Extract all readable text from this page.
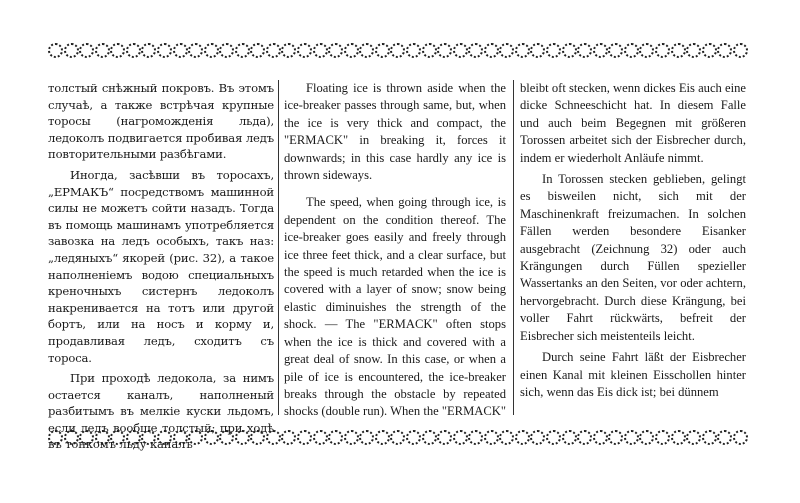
толстый снѣжный покровъ. Въ этомъ случаѣ, а также встрѣчая крупные торосы (нагроможденія льда), ледоколъ подвигается пробивая ледъ повторительными разбѣгами.

Иногда, засѣвши въ торосахъ, „ЕРМАКЪ“ посредствомъ машинной силы не можетъ сойти назадъ. Тогда въ помощь машинамъ употребляется завозка на ледъ особыхъ, такъ наз: „ледяныхъ“ якорей (рис. 32), а такое наполненіемъ водою специальныхъ креночныхъ систернъ ледоколъ накрениваетcя на тотъ или другой бортъ, или на носъ и корму и, продавливая ледъ, сходитъ съ тороса.

При проходѣ ледокола, за нимъ остается каналъ, наполненый разбитымъ въ мелкіе куски льдомъ, если ледъ вообще толстый; при ходѣ въ тонкомъ льду каналъ

Floating ice is thrown aside when the ice-breaker passes through same, but, when the ice is very thick and compact, the "ERMACK" in breaking it, forces it downwards; in this case hardly any ice is thrown sideways.

The speed, when going through ice, is dependent on the condition thereof. The ice-breaker goes easily and freely through ice three feet thick, and a clear surface, but the speed is much retarded when the ice is covered with a layer of snow; snow being elastic diminuishes the strength of the shock. — The "ERMACK" often stops when the ice is thick and covered with a great deal of snow. In this case, or when a pile of ice is encountered, the ice-breaker breaks through the obstacle by repeated shocks (double run). When the "ERMACK"

bleibt oft stecken, wenn dickes Eis auch eine dicke Schneeschicht hat. In diesem Falle und auch beim Begegnen mit größeren Torossen arbeitet sich der Eisbrecher durch, indem er wiederholt Anläufe nimmt.

In Torossen stecken geblieben, gelingt es bisweilen nicht, sich mit der Maschinenkraft freizumachen. In solchen Fällen werden besondere Eisanker ausgebracht (Zeichnung 32) oder auch Krängungen durch Füllen spezieller Wassertanks an den Seiten, vor oder achtern, hervorgebracht. Durch diese Krängung, bei voller Fahrt rückwärts, befreit der Eisbrecher sich meistenteils leicht.

Durch seine Fahrt läßt der Eisbrecher einen Kanal mit kleinen Eisschollen hinter sich, wenn das Eis dick ist; bei dünnem
